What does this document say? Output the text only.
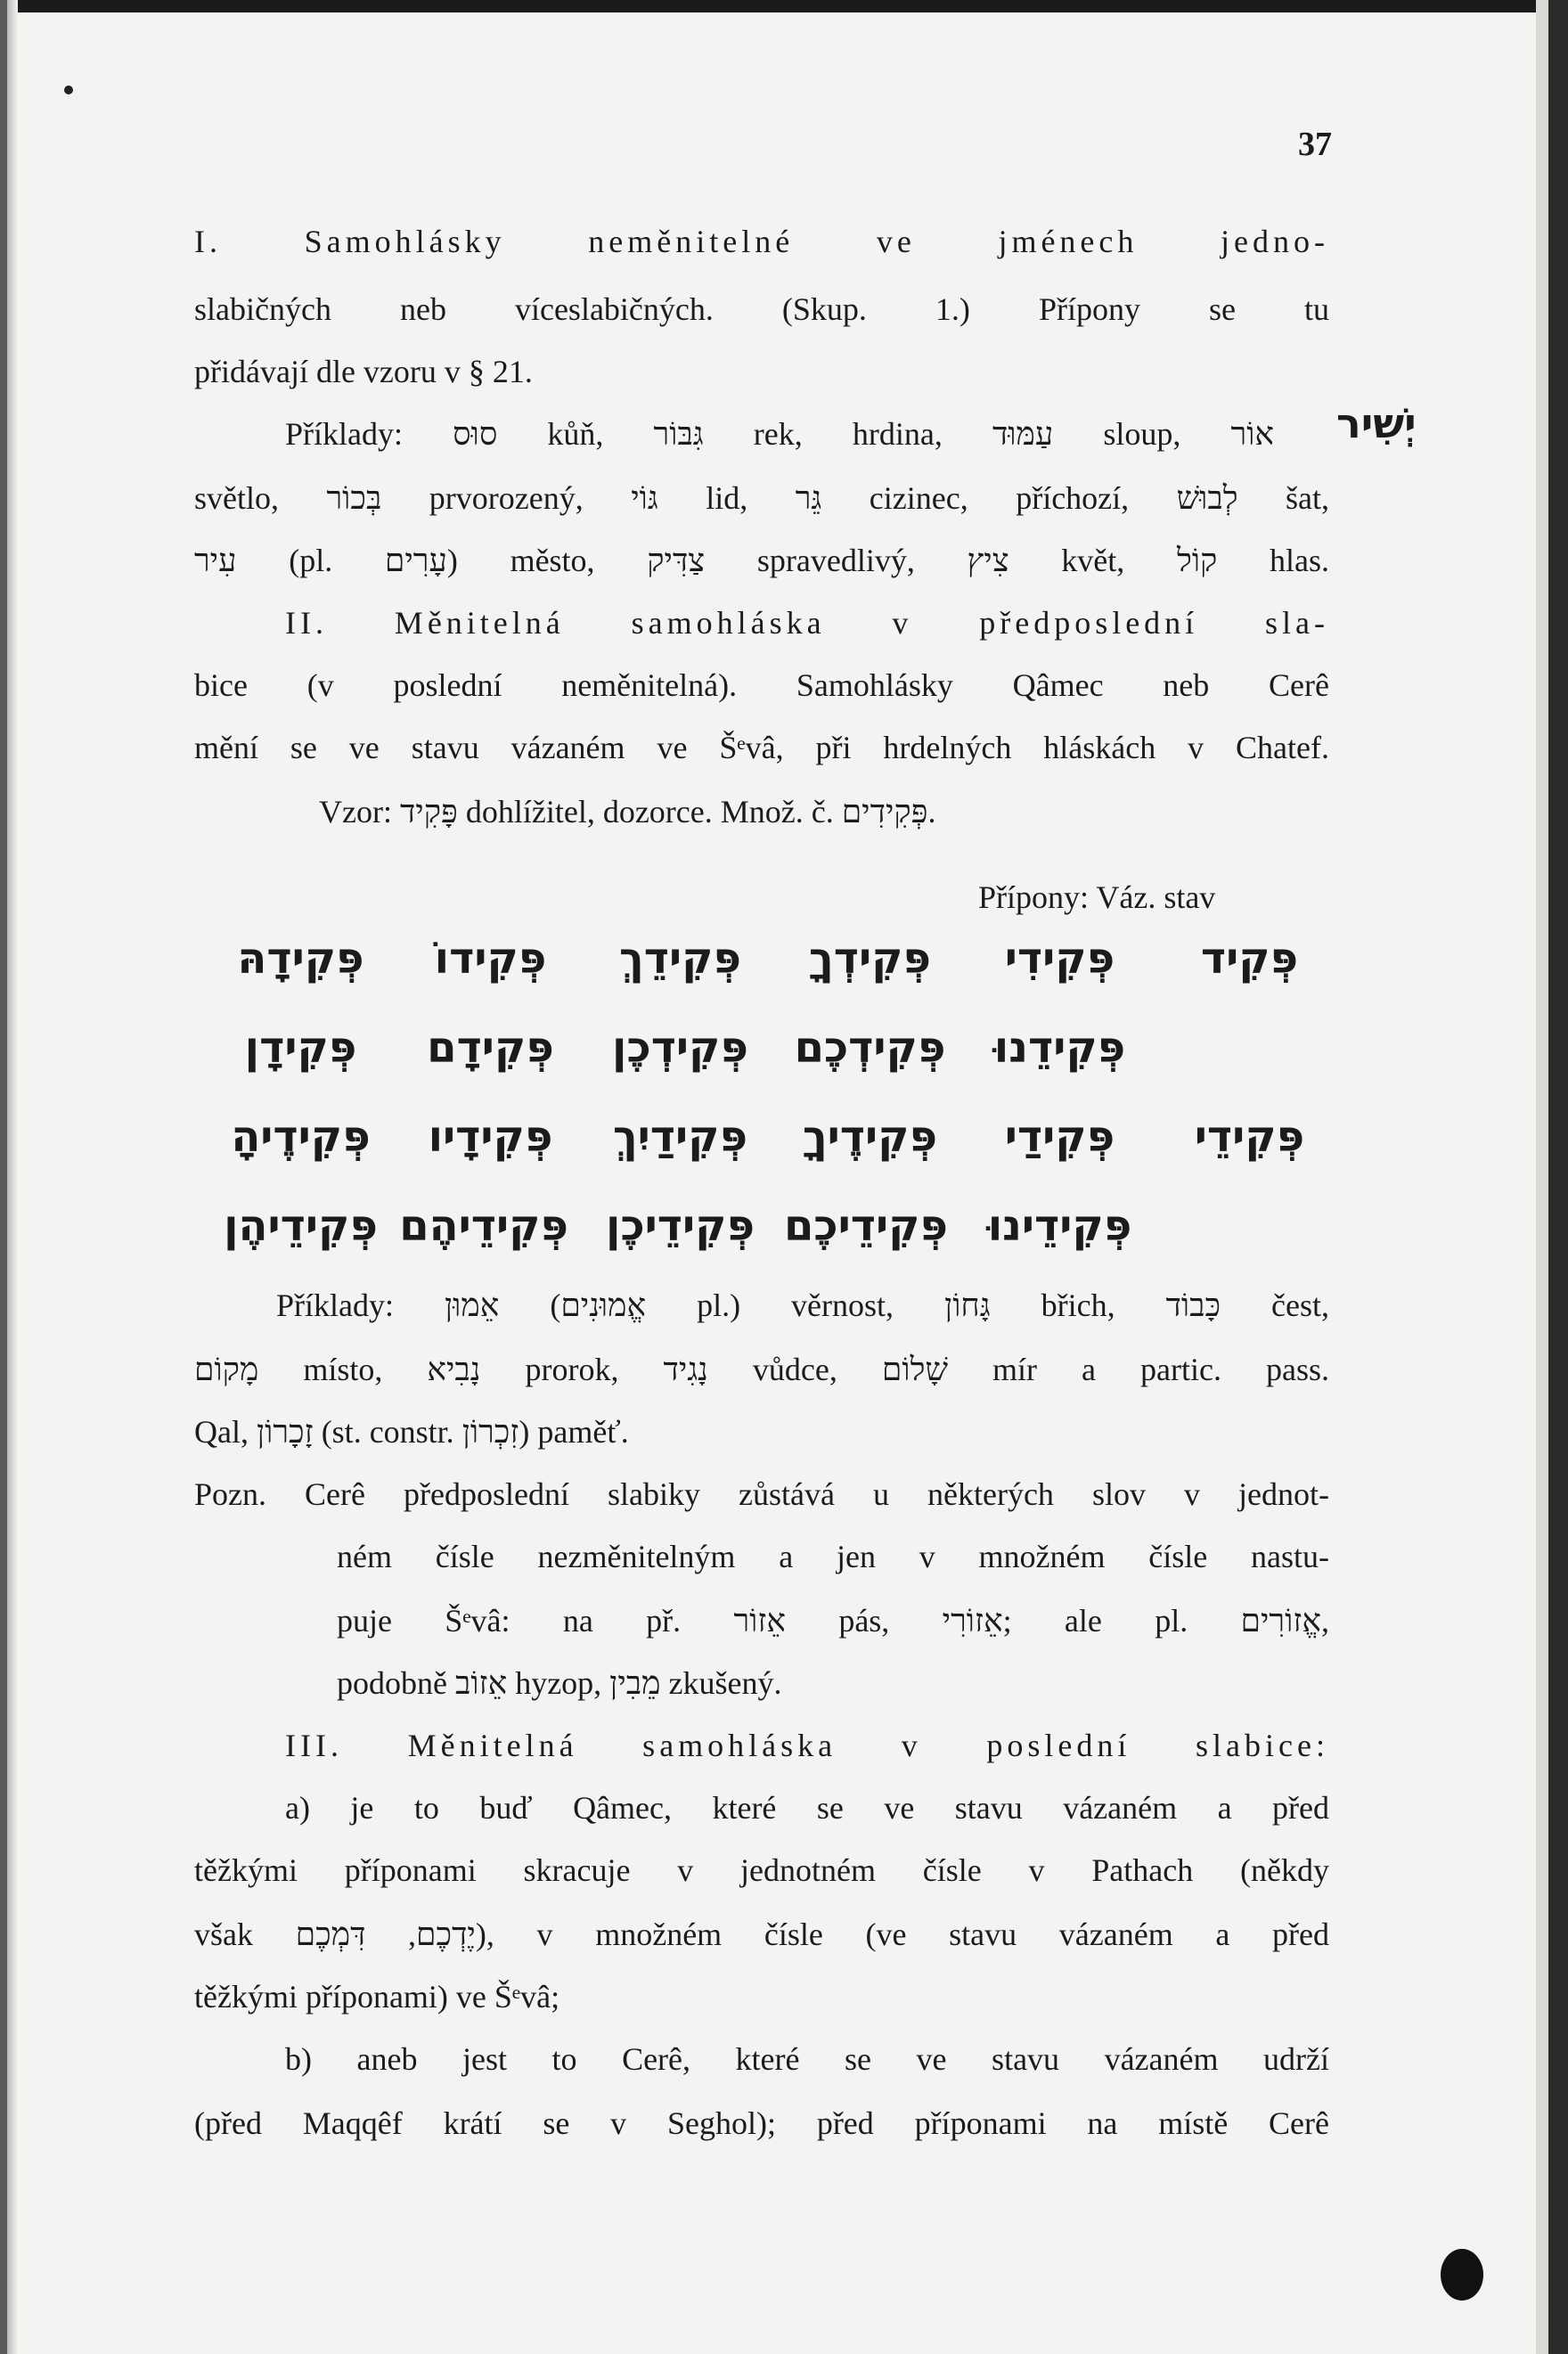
37
יְשִׁיר
I. Samohlásky neměnitelné ve jménech jedno-
slabičných neb víceslabičných. (Skup. 1.) Přípony se tu
přidávají dle vzoru v § 21.
Příklady: סוּס kůň, גִּבּוֹר rek, hrdina, עַמּוּד sloup, אוֹר
světlo, בְּכוֹר prvorozený, גּוֹי lid, גֵּר cizinec, příchozí, לְבוּשׁ šat,
עִיר (pl. עָרִים) město, צַדִּיק spravedlivý, צִיץ květ, קוֹל hlas.
II. Měnitelná samohláska v předposlední sla-
bice (v poslední neměnitelná). Samohlásky Qâmec neb Cerê
mění se ve stavu vázaném ve Šᵉvâ, při hrdelných hláskách v Chatef.
Vzor: פָּקִיד dohlížitel, dozorce. Množ. č. פְּקִידִים.
Přípony: Váz. stav
פְּקִיד
פְּקִידִי
פְּקִידְךָ
פְּקִידֵךְ
פְּקִידוֹ
פְּקִידָהּ
פְּקִידֵנוּ
פְּקִידְכֶם
פְּקִידְכֶן
פְּקִידָם
פְּקִידָן
פְּקִידֵי
פְּקִידַי
פְּקִידֶיךָ
פְּקִידַיִךְ
פְּקִידָיו
פְּקִידֶיהָ
פְּקִידֵינוּ
פְּקִידֵיכֶם
פְּקִידֵיכֶן
פְּקִידֵיהֶם
פְּקִידֵיהֶן
Příklady: אֵמוּן (אֱמוּנִים pl.) věrnost, גָּחוֹן břich, כָּבוֹד čest,
מָקוֹם místo, נָבִיא prorok, נָגִיד vůdce, שָׁלוֹם mír a partic. pass.
Qal, זָכָרוֹן (st. constr. זִכְרוֹן) paměť.
Pozn. Cerê předposlední slabiky zůstává u některých slov v jednot-
ném čísle nezměnitelným a jen v množném čísle nastu-
puje Šᵉvâ: na př. אֵזוֹר pás, אֵזוֹרִי; ale pl. אֱזוֹרִים,
podobně אֵזוֹב hyzop, מֵבִין zkušený.
III. Měnitelná samohláska v poslední slabice:
a) je to buď Qâmec, které se ve stavu vázaném a před
těžkými příponami skracuje v jednotném čísle v Pathach (někdy
však יֶדְכֶם, דִּמְכֶם), v množném čísle (ve stavu vázaném a před
těžkými příponami) ve Šᵉvâ;
b) aneb jest to Cerê, které se ve stavu vázaném udrží
(před Maqqêf krátí se v Seghol); před příponami na místě Cerê
